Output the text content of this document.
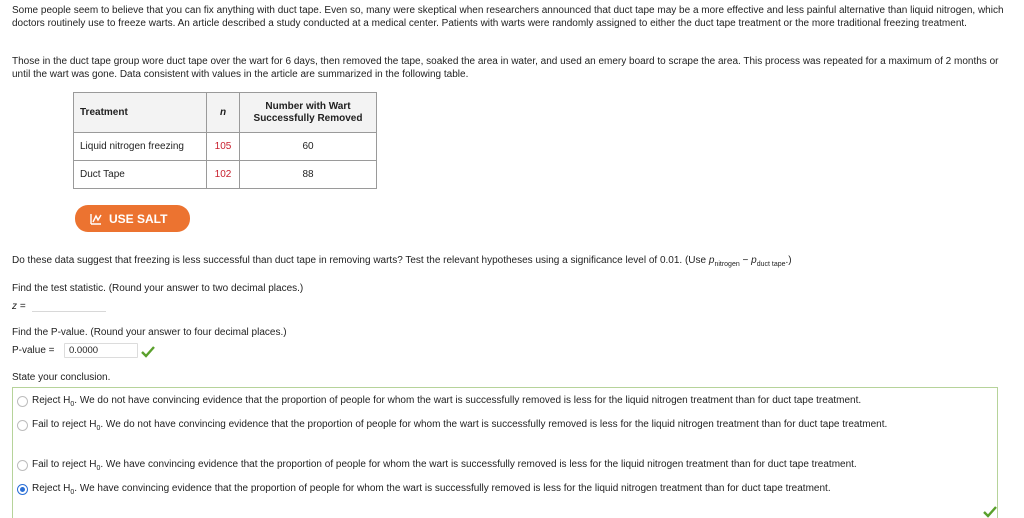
Some people seem to believe that you can fix anything with duct tape. Even so, many were skeptical when researchers announced that duct tape may be a more effective and less painful alternative than liquid nitrogen, which doctors routinely use to freeze warts. An article described a study conducted at a medical center. Patients with warts were randomly assigned to either the duct tape treatment or the more traditional freezing treatment.

Those in the duct tape group wore duct tape over the wart for 6 days, then removed the tape, soaked the area in water, and used an emery board to scrape the area. This process was repeated for a maximum of 2 months or until the wart was gone. Data consistent with values in the article are summarized in the following table.

Treatment	n	Number with Wart
Successfully Removed
Liquid nitrogen freezing	105	60
Duct Tape	102	88
USE SALT

Do these data suggest that freezing is less successful than duct tape in removing warts? Test the relevant hypotheses using a significance level of 0.01. (Use $p_{nitrogen} - p_{duct tape}$.)

Find the test statistic. (Round your answer to two decimal places.)

z =

Find the P-value. (Round your answer to four decimal places.)

P-value =	0.0000

State your conclusion.

Reject $H_0$. We do not have convincing evidence that the proportion of people for whom the wart is successfully removed is less for the liquid nitrogen treatment than for duct tape treatment.
Fail to reject $H_0$. We do not have convincing evidence that the proportion of people for whom the wart is successfully removed is less for the liquid nitrogen treatment than for duct tape treatment.
Fail to reject $H_0$. We have convincing evidence that the proportion of people for whom the wart is successfully removed is less for the liquid nitrogen treatment than for duct tape treatment.
Reject $H_0$. We have convincing evidence that the proportion of people for whom the wart is successfully removed is less for the liquid nitrogen treatment than for duct tape treatment.
